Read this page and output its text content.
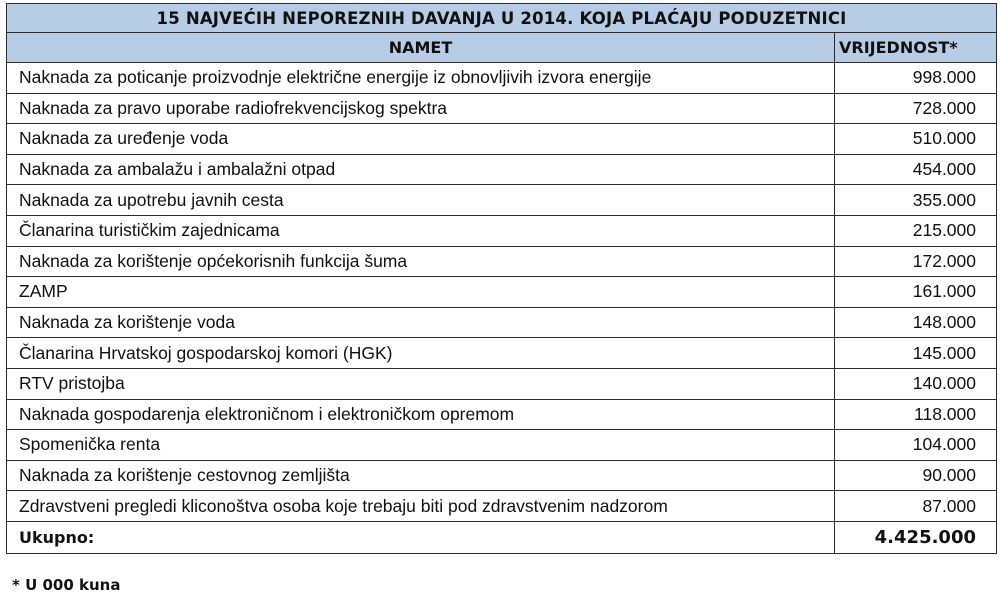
15 NAJVEĆIH NEPOREZNIH DAVANJA U 2014. KOJA PLAĆAJU PODUZETNICI	
NAMET	VRIJEDNOST*
Naknada za poticanje proizvodnje električne energije iz obnovljivih izvora energije	998.000
Naknada za pravo uporabe radiofrekvencijskog spektra	728.000
Naknada za uređenje voda	510.000
Naknada za ambalažu i ambalažni otpad	454.000
Naknada za upotrebu javnih cesta	355.000
Članarina turističkim zajednicama	215.000
Naknada za korištenje općekorisnih funkcija šuma	172.000
ZAMP	161.000
Naknada za korištenje voda	148.000
Članarina Hrvatskoj gospodarskoj komori (HGK)	145.000
RTV pristojba	140.000
Naknada gospodarenja elektroničnom i elektroničkom opremom	118.000
Spomenička renta	104.000
Naknada za korištenje cestovnog zemljišta	90.000
Zdravstveni pregledi kliconoštva osoba koje trebaju biti pod zdravstvenim nadzorom	87.000
Ukupno:	4.425.000
* U 000 kuna
